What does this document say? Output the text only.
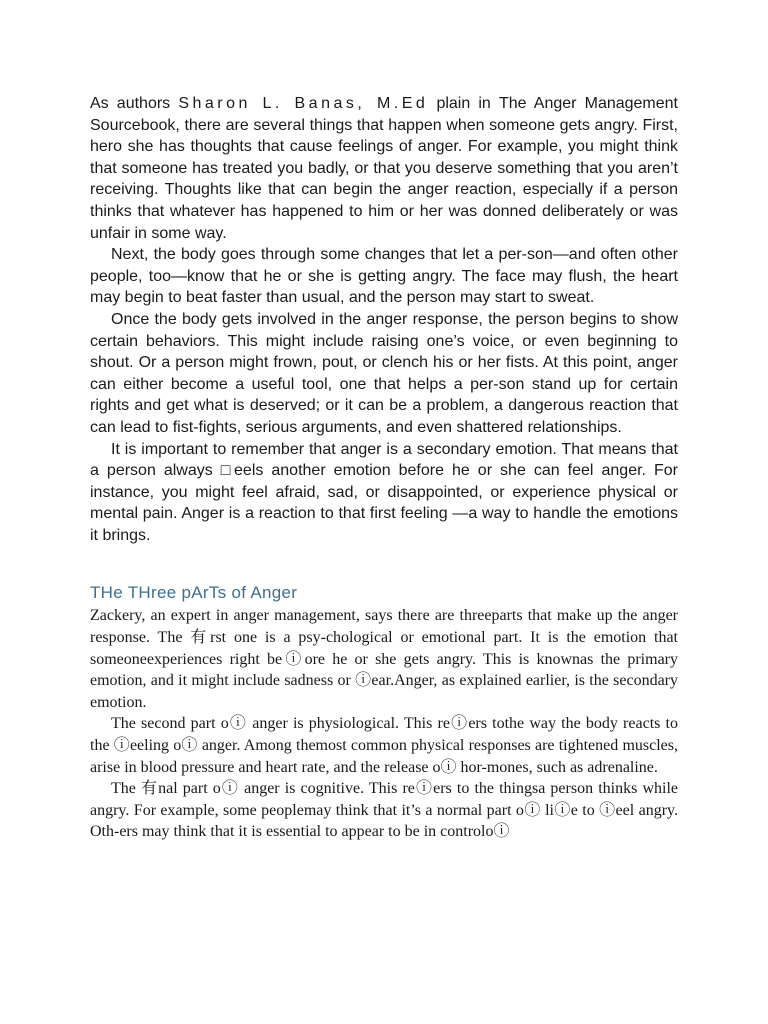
As authors Sharon L. Banas, M.Ed plain in The Anger Management Sourcebook, there are several things that happen when someone gets angry. First, hero she has thoughts that cause feelings of anger. For example, you might think that someone has treated you badly, or that you deserve something that you aren’t receiving. Thoughts like that can begin the anger reaction, especially if a person thinks that whatever has happened to him or her was donned deliberately or was unfair in some way.

Next, the body goes through some changes that let a per-son—and often other people, too—know that he or she is getting angry. The face may flush, the heart may begin to beat faster than usual, and the person may start to sweat.

Once the body gets involved in the anger response, the person begins to show certain behaviors. This might include raising one’s voice, or even beginning to shout. Or a person might frown, pout, or clench his or her fists. At this point, anger can either become a useful tool, one that helps a per-son stand up for certain rights and get what is deserved; or it can be a problem, a dangerous reaction that can lead to fist-fights, serious arguments, and even shattered relationships.

It is important to remember that anger is a secondary emotion. That means that a person always □eels another emotion before he or she can feel anger. For instance, you might feel afraid, sad, or disappointed, or experience physical or mental pain. Anger is a reaction to that first feeling —a way to handle the emotions it brings.

THe THree pArTs of Anger

Zackery, an expert in anger management, says there are threeparts that make up the anger response. The 有rst one is a psy-chological or emotional part. It is the emotion that someoneexperiences right beⓘore he or she gets angry. This is knownas the primary emotion, and it might include sadness or ⓘear.Anger, as explained earlier, is the secondary emotion.

The second part oⓘ anger is physiological. This reⓘers tothe way the body reacts to the ⓘeeling oⓘ anger. Among themost common physical responses are tightened muscles, arise in blood pressure and heart rate, and the release oⓘ hor-mones, such as adrenaline.

The 有nal part oⓘ anger is cognitive. This reⓘers to the thingsa person thinks while angry. For example, some peoplemay think that it’s a normal part oⓘ liⓘe to ⓘeel angry. Oth-ers may think that it is essential to appear to be in controloⓘ
